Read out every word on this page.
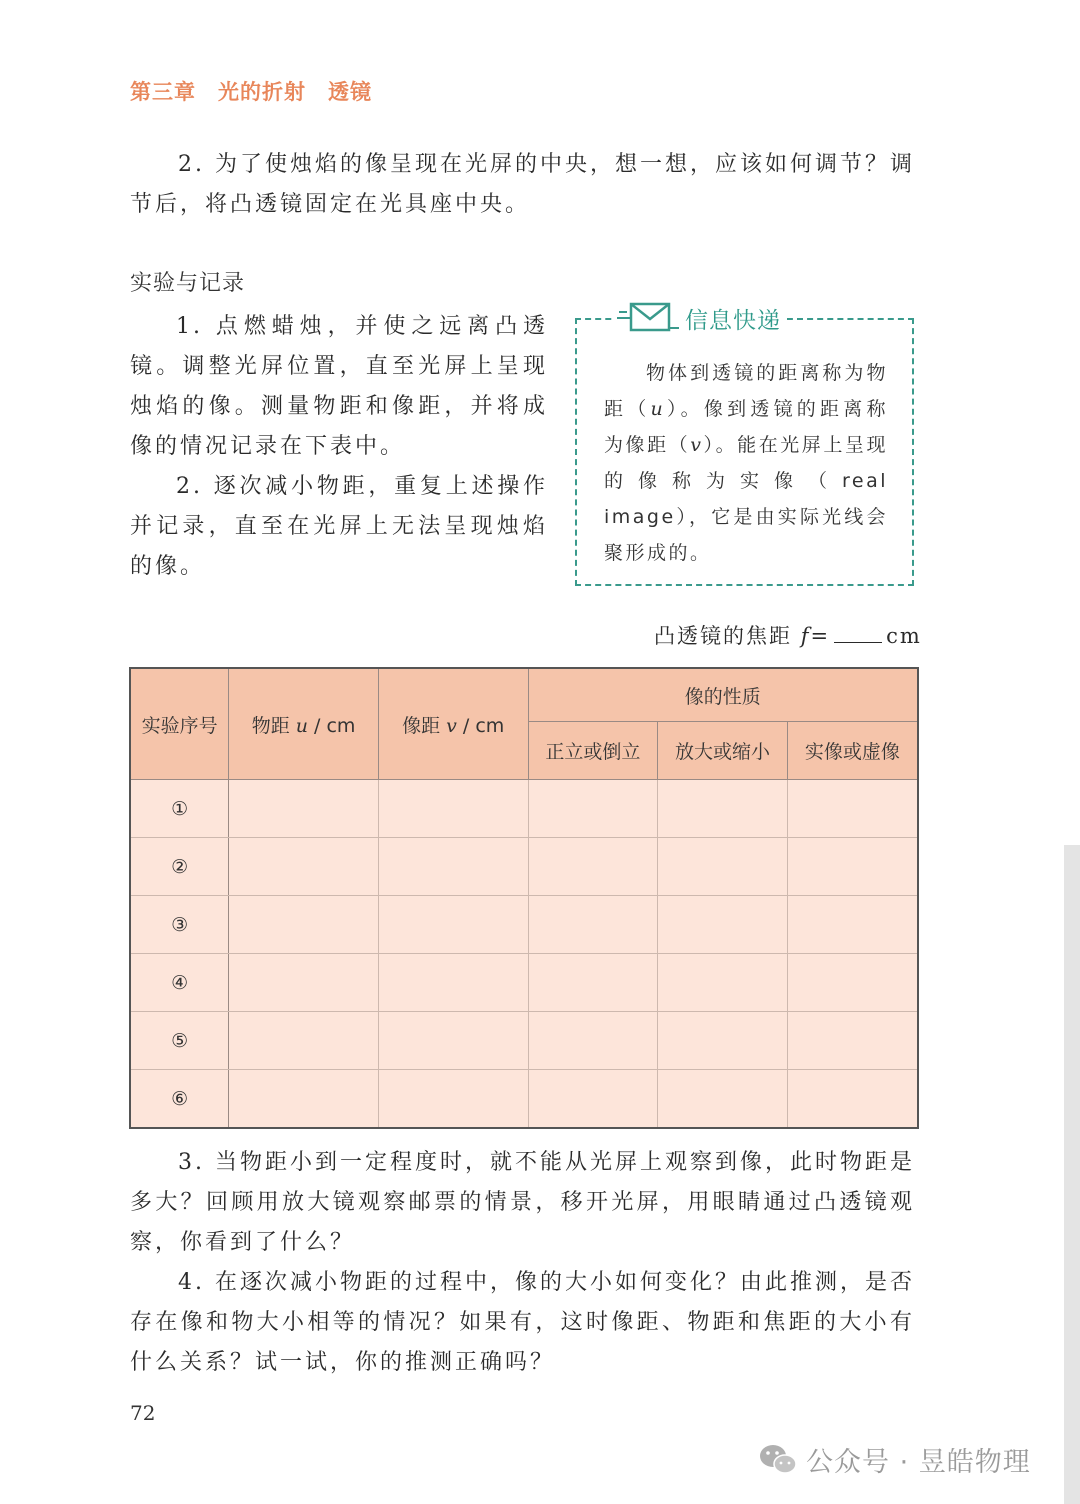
第三章 光的折射 透镜

2. 为了使烛焰的像呈现在光屏的中央，想一想，应该如何调节？调节后，将凸透镜固定在光具座中央。

实验与记录

1. 点燃蜡烛，并使之远离凸透镜。调整光屏位置，直至光屏上呈现烛焰的像。测量物距和像距，并将成像的情况记录在下表中。

2. 逐次减小物距，重复上述操作并记录，直至在光屏上无法呈现烛焰的像。

信息快递

物体到透镜的距离称为物距（u）。像到透镜的距离称为像距（v）。能在光屏上呈现的像称为实像（real image），它是由实际光线会聚形成的。

凸透镜的焦距 f=	cm
实验序号	物距 u / cm	像距 v / cm	像的性质		
			正立或倒立	放大或缩小	实像或虚像
①					
②					
③					
④					
⑤					
⑥					

3. 当物距小到一定程度时，就不能从光屏上观察到像，此时物距是多大？回顾用放大镜观察邮票的情景，移开光屏，用眼睛通过凸透镜观察，你看到了什么？

4. 在逐次减小物距的过程中，像的大小如何变化？由此推测，是否存在像和物大小相等的情况？如果有，这时像距、物距和焦距的大小有什么关系？试一试，你的推测正确吗？

72
公众号 · 昱皓物理
